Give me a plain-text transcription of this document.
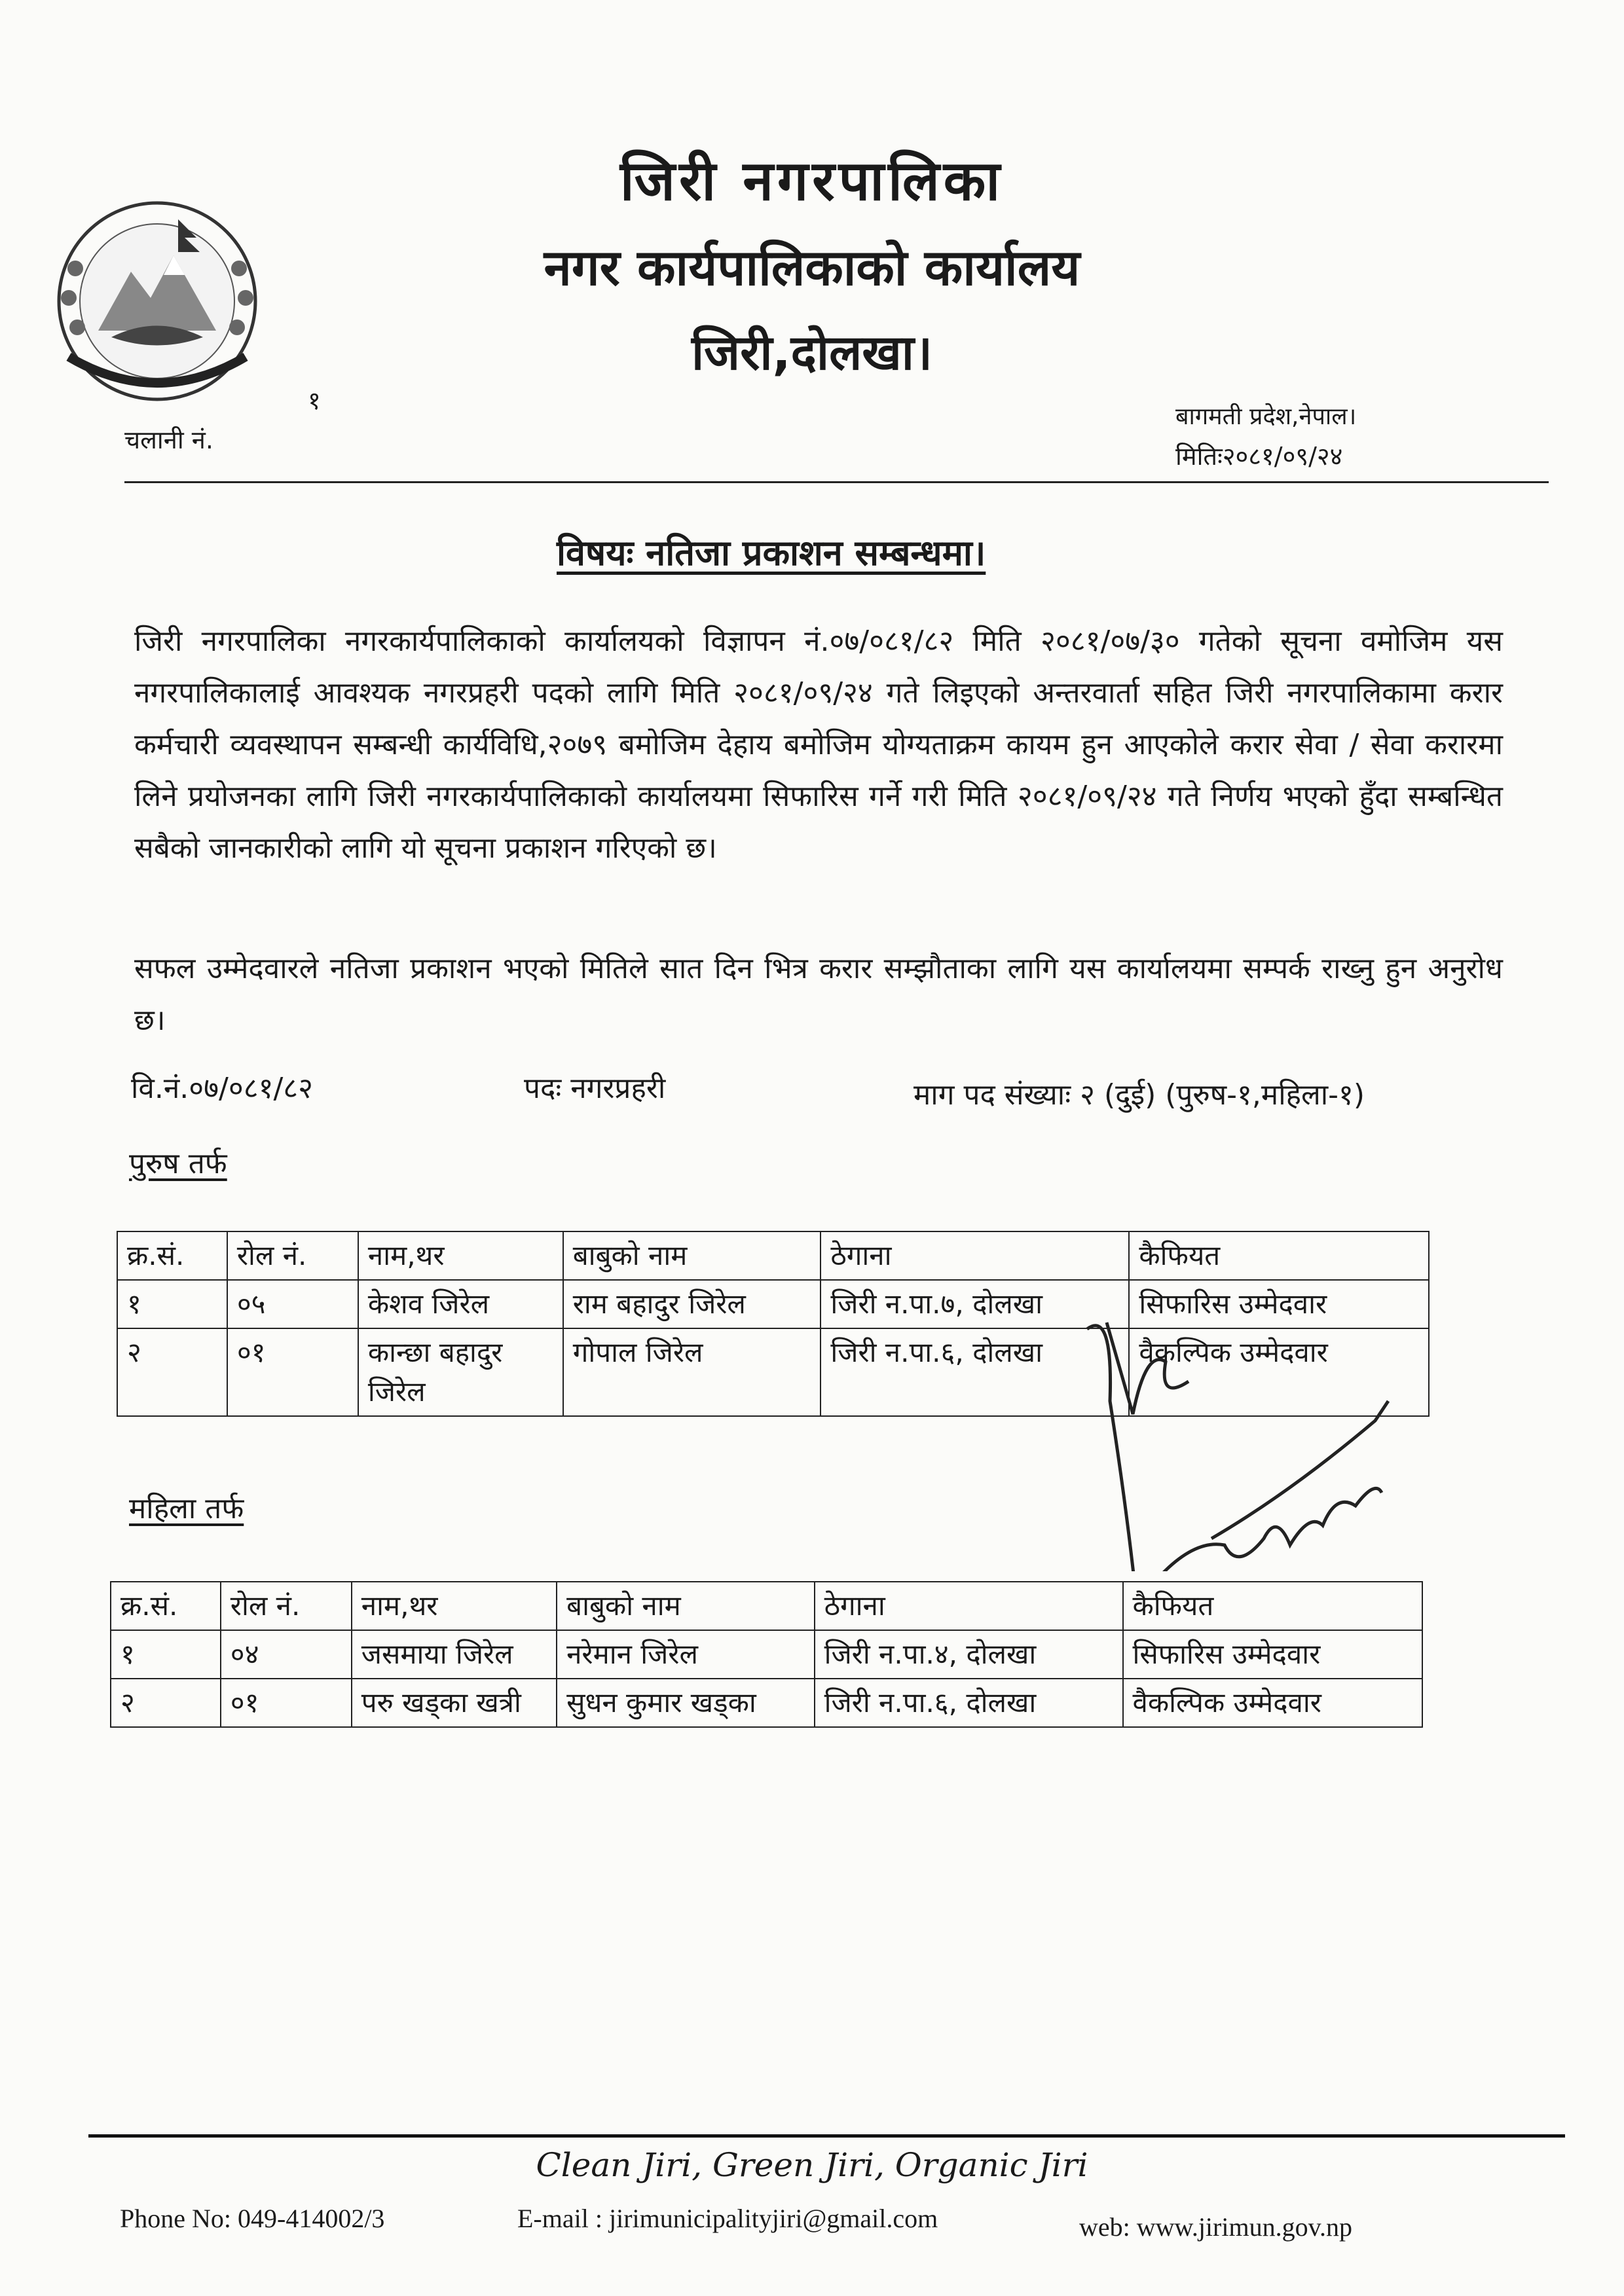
जिरी नगरपालिका
नगर कार्यपालिकाको कार्यालय
जिरी,दोलखा।
चलानी नं.
१
बागमती प्रदेश,नेपाल।
मितिः२०८१/०९/२४
विषयः नतिजा प्रकाशन सम्बन्धमा।
जिरी नगरपालिका नगरकार्यपालिकाको कार्यालयको विज्ञापन नं.०७/०८१/८२ मिति २०८१/०७/३० गतेको सूचना वमोजिम यस नगरपालिकालाई आवश्यक नगरप्रहरी पदको लागि मिति २०८१/०९/२४ गते लिइएको अन्तरवार्ता सहित जिरी नगरपालिकामा करार कर्मचारी व्यवस्थापन सम्बन्धी कार्यविधि,२०७९ बमोजिम देहाय बमोजिम योग्यताक्रम कायम हुन आएकोले करार सेवा / सेवा करारमा लिने प्रयोजनका लागि जिरी नगरकार्यपालिकाको कार्यालयमा सिफारिस गर्ने गरी मिति २०८१/०९/२४ गते निर्णय भएको हुँदा सम्बन्धित सबैको जानकारीको लागि यो सूचना प्रकाशन गरिएको छ।
सफल उम्मेदवारले नतिजा प्रकाशन भएको मितिले सात दिन भित्र करार सम्झौताका लागि यस कार्यालयमा सम्पर्क राख्नु हुन अनुरोध छ।
वि.नं.०७/०८१/८२	पदः नगरप्रहरी	माग पद संख्याः २ (दुई) (पुरुष-१,महिला-१)
पुरुष तर्फ
क्र.सं.	रोल नं.	नाम,थर	बाबुको नाम	ठेगाना	कैफियत
१	०५	केशव जिरेल	राम बहादुर जिरेल	जिरी न.पा.७, दोलखा	सिफारिस उम्मेदवार
२	०१	कान्छा बहादुर जिरेल	गोपाल जिरेल	जिरी न.पा.६, दोलखा	वैकल्पिक उम्मेदवार
महिला तर्फ
क्र.सं.	रोल नं.	नाम,थर	बाबुको नाम	ठेगाना	कैफियत
१	०४	जसमाया जिरेल	नरेमान जिरेल	जिरी न.पा.४, दोलखा	सिफारिस उम्मेदवार
२	०१	परु खड्का खत्री	सुधन कुमार खड्का	जिरी न.पा.६, दोलखा	वैकल्पिक उम्मेदवार
Clean Jiri, Green Jiri, Organic Jiri
Phone No: 049-414002/3	E-mail : jirimunicipalityjiri@gmail.com	web: www.jirimun.gov.np
